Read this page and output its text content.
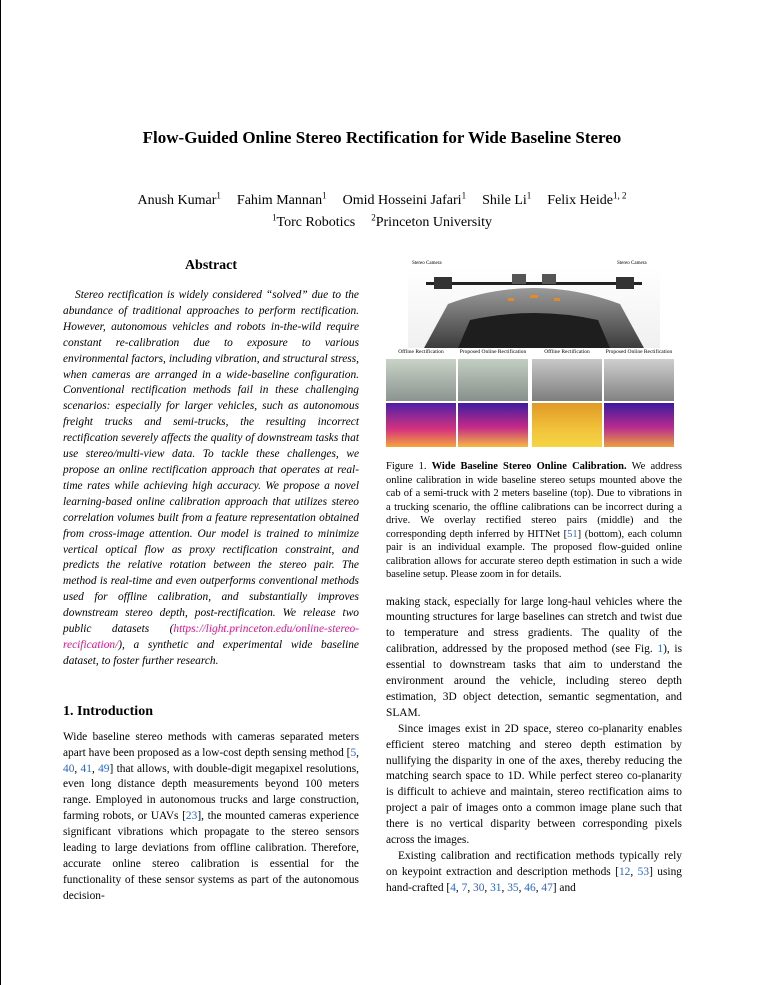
Flow-Guided Online Stereo Rectification for Wide Baseline Stereo
Anush Kumar$^1$ Fahim Mannan$^1$ Omid Hosseini Jafari$^1$ Shile Li$^1$ Felix Heide$^{1, 2}$
$^1$Torc Robotics $^2$Princeton University
Abstract

Stereo rectification is widely considered “solved” due to the abundance of traditional approaches to perform rectification. However, autonomous vehicles and robots in-the-wild require constant re-calibration due to exposure to various environmental factors, including vibration, and structural stress, when cameras are arranged in a wide-baseline configuration. Conventional rectification methods fail in these challenging scenarios: especially for larger vehicles, such as autonomous freight trucks and semi-trucks, the resulting incorrect rectification severely affects the quality of downstream tasks that use stereo/multi-view data. To tackle these challenges, we propose an online rectification approach that operates at real-time rates while achieving high accuracy. We propose a novel learning-based online calibration approach that utilizes stereo correlation volumes built from a feature representation obtained from cross-image attention. Our model is trained to minimize vertical optical flow as proxy rectification constraint, and predicts the relative rotation between the stereo pair. The method is real-time and even outperforms conventional methods used for offline calibration, and substantially improves downstream stereo depth, post-rectification. We release two public datasets (https://light.princeton.edu/online-stereo-recification/), a synthetic and experimental wide baseline dataset, to foster further research.

1. Introduction

Wide baseline stereo methods with cameras separated meters apart have been proposed as a low-cost depth sensing method [5, 40, 41, 49] that allows, with double-digit megapixel resolutions, even long distance depth measurements beyond 100 meters range. Employed in autonomous trucks and large construction, farming robots, or UAVs [23], the mounted cameras experience significant vibrations which propagate to the stereo sensors leading to large deviations from offline calibration. Therefore, accurate online stereo calibration is essential for the functionality of these sensor systems as part of the autonomous decision-

Stereo Camera	Stereo Camera
Offline Rectification	Proposed Online Rectification	Offline Rectification	Proposed Online Rectification

Figure 1. Wide Baseline Stereo Online Calibration. We address online calibration in wide baseline stereo setups mounted above the cab of a semi-truck with 2 meters baseline (top). Due to vibrations in a trucking scenario, the offline calibrations can be incorrect during a drive. We overlay rectified stereo pairs (middle) and the corresponding depth inferred by HITNet [51] (bottom), each column pair is an individual example. The proposed flow-guided online calibration allows for accurate stereo depth estimation in such a wide baseline setup. Please zoom in for details.

making stack, especially for large long-haul vehicles where the mounting structures for large baselines can stretch and twist due to temperature and stress gradients. The quality of the calibration, addressed by the proposed method (see Fig. 1), is essential to downstream tasks that aim to understand the environment around the vehicle, including stereo depth estimation, 3D object detection, semantic segmentation, and SLAM.

Since images exist in 2D space, stereo co-planarity enables efficient stereo matching and stereo depth estimation by nullifying the disparity in one of the axes, thereby reducing the matching search space to 1D. While perfect stereo co-planarity is difficult to achieve and maintain, stereo rectification aims to project a pair of images onto a common image plane such that there is no vertical disparity between corresponding pixels across the images.

Existing calibration and rectification methods typically rely on keypoint extraction and description methods [12, 53] using hand-crafted [4, 7, 30, 31, 35, 46, 47] and
